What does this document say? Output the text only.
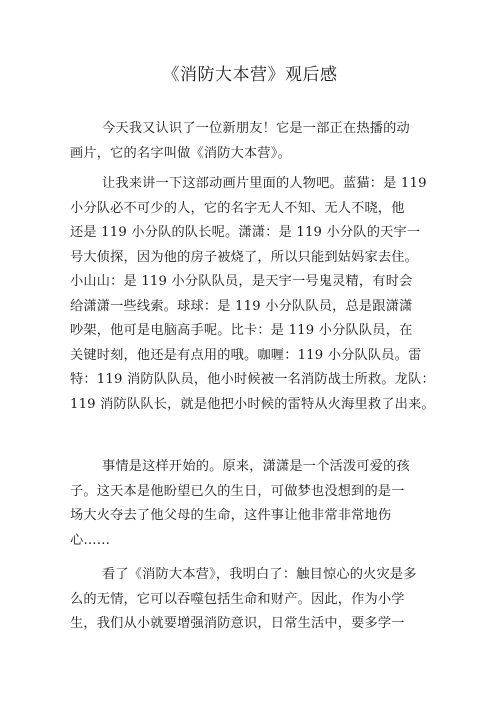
《消防大本营》观后感
今天我又认识了一位新朋友！它是一部正在热播的动
画片，它的名字叫做《消防大本营》。
让我来讲一下这部动画片里面的人物吧。蓝猫：是 119
小分队必不可少的人，它的名字无人不知、无人不晓，他
还是 119 小分队的队长呢。潇潇：是 119 小分队的天宇一
号大侦探，因为他的房子被烧了，所以只能到姑妈家去住。
小山山：是 119 小分队队员，是天宇一号鬼灵精，有时会
给潇潇一些线索。球球：是 119 小分队队员，总是跟潇潇
吵架，他可是电脑高手呢。比卡：是 119 小分队队员，在
关键时刻，他还是有点用的哦。咖喱：119 小分队队员。雷
特：119 消防队队员，他小时候被一名消防战士所救。龙队：
119 消防队队长，就是他把小时候的雷特从火海里救了出来。
事情是这样开始的。原来，潇潇是一个活泼可爱的孩
子。这天本是他盼望已久的生日，可做梦也没想到的是一
场大火夺去了他父母的生命，这件事让他非常非常地伤
心……
看了《消防大本营》，我明白了：触目惊心的火灾是多
么的无情，它可以吞噬包括生命和财产。因此，作为小学
生，我们从小就要增强消防意识，日常生活中，要多学一
